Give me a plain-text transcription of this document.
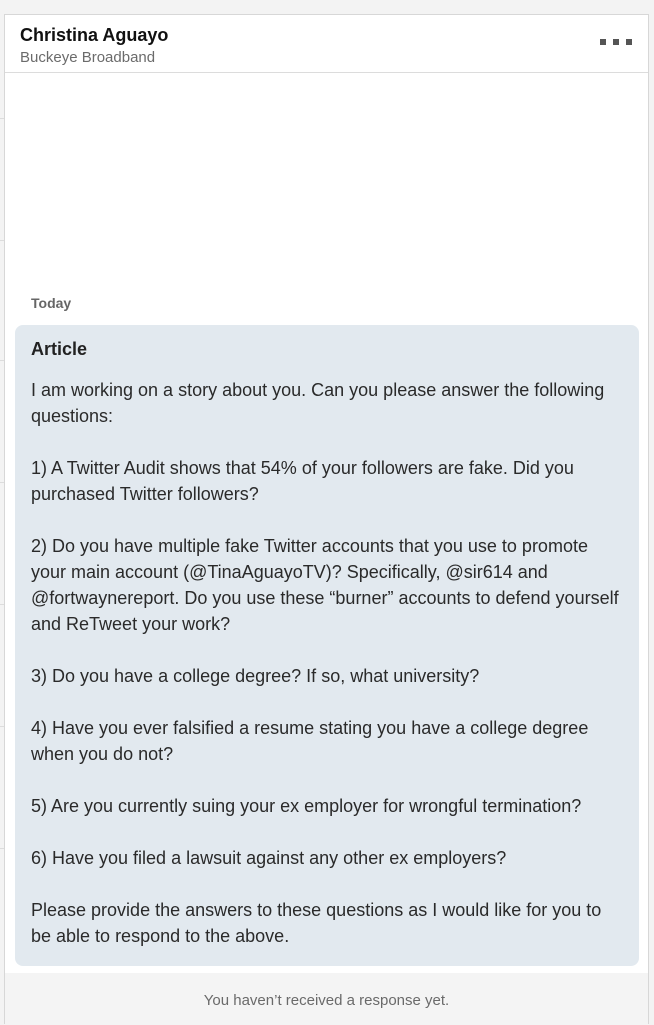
Christina Aguayo
Buckeye Broadband
Today
Article
I am working on a story about you. Can you please answer the following questions:

1) A Twitter Audit shows that 54% of your followers are fake. Did you purchased Twitter followers?

2) Do you have multiple fake Twitter accounts that you use to promote your main account (@TinaAguayoTV)? Specifically, @sir614 and @fortwaynereport. Do you use these “burner” accounts to defend yourself and ReTweet your work?

3) Do you have a college degree? If so, what university?

4) Have you ever falsified a resume stating you have a college degree when you do not?

5) Are you currently suing your ex employer for wrongful termination?

6) Have you filed a lawsuit against any other ex employers?

Please provide the answers to these questions as I would like for you to be able to respond to the above.
You haven’t received a response yet.
